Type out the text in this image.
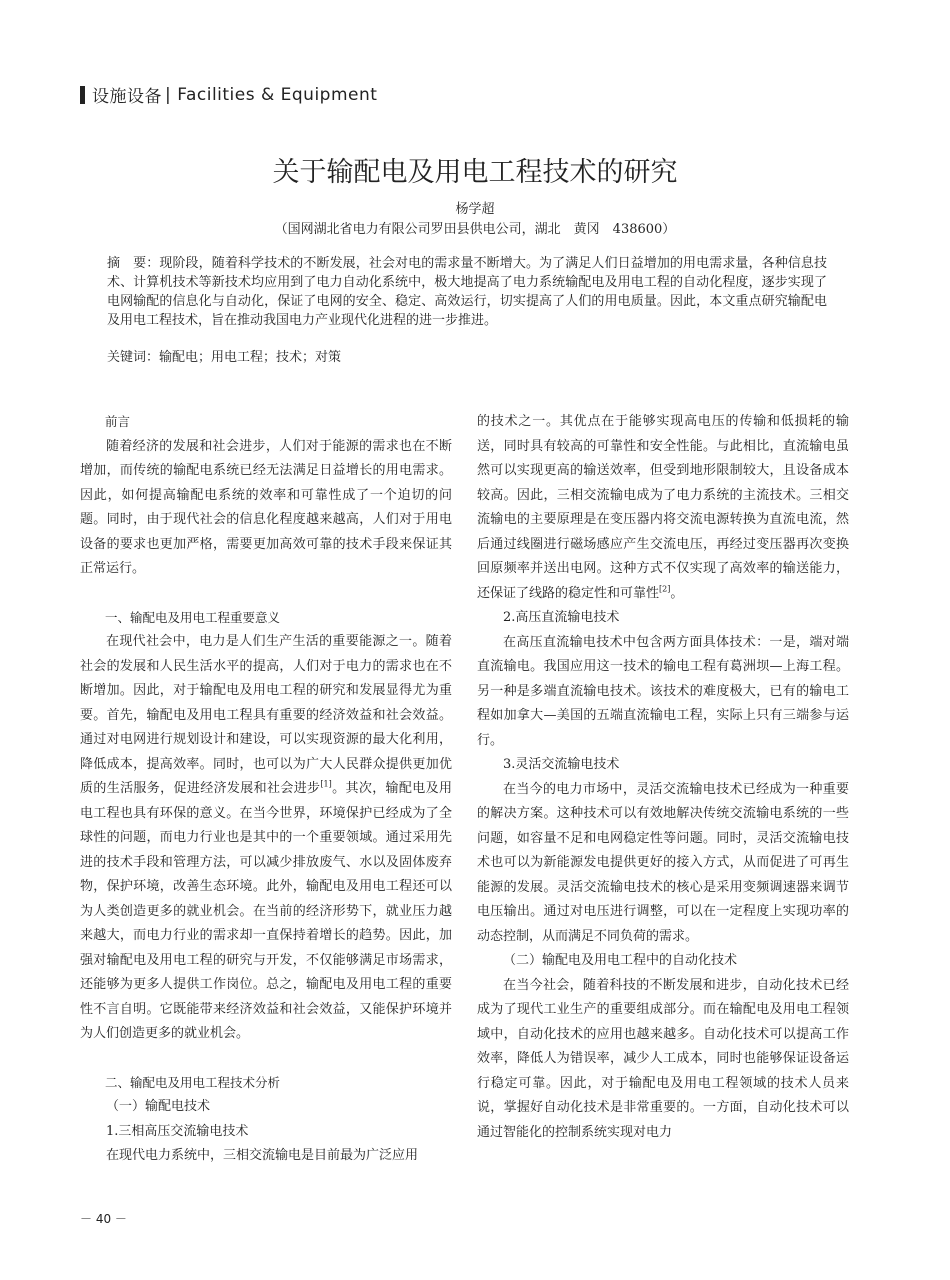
设施设备 | Facilities & Equipment
关于输配电及用电工程技术的研究
杨学超
（国网湖北省电力有限公司罗田县供电公司，湖北　黄冈　438600）
摘　要：现阶段，随着科学技术的不断发展，社会对电的需求量不断增大。为了满足人们日益增加的用电需求量，各种信息技术、计算机技术等新技术均应用到了电力自动化系统中，极大地提高了电力系统输配电及用电工程的自动化程度，逐步实现了电网输配的信息化与自动化，保证了电网的安全、稳定、高效运行，切实提高了人们的用电质量。因此，本文重点研究输配电及用电工程技术，旨在推动我国电力产业现代化进程的进一步推进。
关键词：输配电；用电工程；技术；对策
前言

随着经济的发展和社会进步，人们对于能源的需求也在不断增加，而传统的输配电系统已经无法满足日益增长的用电需求。因此，如何提高输配电系统的效率和可靠性成了一个迫切的问题。同时，由于现代社会的信息化程度越来越高，人们对于用电设备的要求也更加严格，需要更加高效可靠的技术手段来保证其正常运行。

一、输配电及用电工程重要意义

在现代社会中，电力是人们生产生活的重要能源之一。随着社会的发展和人民生活水平的提高，人们对于电力的需求也在不断增加。因此，对于输配电及用电工程的研究和发展显得尤为重要。首先，输配电及用电工程具有重要的经济效益和社会效益。通过对电网进行规划设计和建设，可以实现资源的最大化利用，降低成本，提高效率。同时，也可以为广大人民群众提供更加优质的生活服务，促进经济发展和社会进步[1]。其次，输配电及用电工程也具有环保的意义。在当今世界，环境保护已经成为了全球性的问题，而电力行业也是其中的一个重要领域。通过采用先进的技术手段和管理方法，可以减少排放废气、水以及固体废弃物，保护环境，改善生态环境。此外，输配电及用电工程还可以为人类创造更多的就业机会。在当前的经济形势下，就业压力越来越大，而电力行业的需求却一直保持着增长的趋势。因此，加强对输配电及用电工程的研究与开发，不仅能够满足市场需求，还能够为更多人提供工作岗位。总之，输配电及用电工程的重要性不言自明。它既能带来经济效益和社会效益，又能保护环境并为人们创造更多的就业机会。

二、输配电及用电工程技术分析
（一）输配电技术
1.三相高压交流输电技术

在现代电力系统中，三相交流输电是目前最为广泛应用

的技术之一。其优点在于能够实现高电压的传输和低损耗的输送，同时具有较高的可靠性和安全性能。与此相比，直流输电虽然可以实现更高的输送效率，但受到地形限制较大，且设备成本较高。因此，三相交流输电成为了电力系统的主流技术。三相交流输电的主要原理是在变压器内将交流电源转换为直流电流，然后通过线圈进行磁场感应产生交流电压，再经过变压器再次变换回原频率并送出电网。这种方式不仅实现了高效率的输送能力，还保证了线路的稳定性和可靠性[2]。

2.高压直流输电技术

在高压直流输电技术中包含两方面具体技术：一是，端对端直流输电。我国应用这一技术的输电工程有葛洲坝—上海工程。另一种是多端直流输电技术。该技术的难度极大，已有的输电工程如加拿大—美国的五端直流输电工程，实际上只有三端参与运行。

3.灵活交流输电技术

在当今的电力市场中，灵活交流输电技术已经成为一种重要的解决方案。这种技术可以有效地解决传统交流输电系统的一些问题，如容量不足和电网稳定性等问题。同时，灵活交流输电技术也可以为新能源发电提供更好的接入方式，从而促进了可再生能源的发展。灵活交流输电技术的核心是采用变频调速器来调节电压输出。通过对电压进行调整，可以在一定程度上实现功率的动态控制，从而满足不同负荷的需求。

（二）输配电及用电工程中的自动化技术

在当今社会，随着科技的不断发展和进步，自动化技术已经成为了现代工业生产的重要组成部分。而在输配电及用电工程领域中，自动化技术的应用也越来越多。自动化技术可以提高工作效率，降低人为错误率，减少人工成本，同时也能够保证设备运行稳定可靠。因此，对于输配电及用电工程领域的技术人员来说，掌握好自动化技术是非常重要的。一方面，自动化技术可以通过智能化的控制系统实现对电力

－ 40 －
